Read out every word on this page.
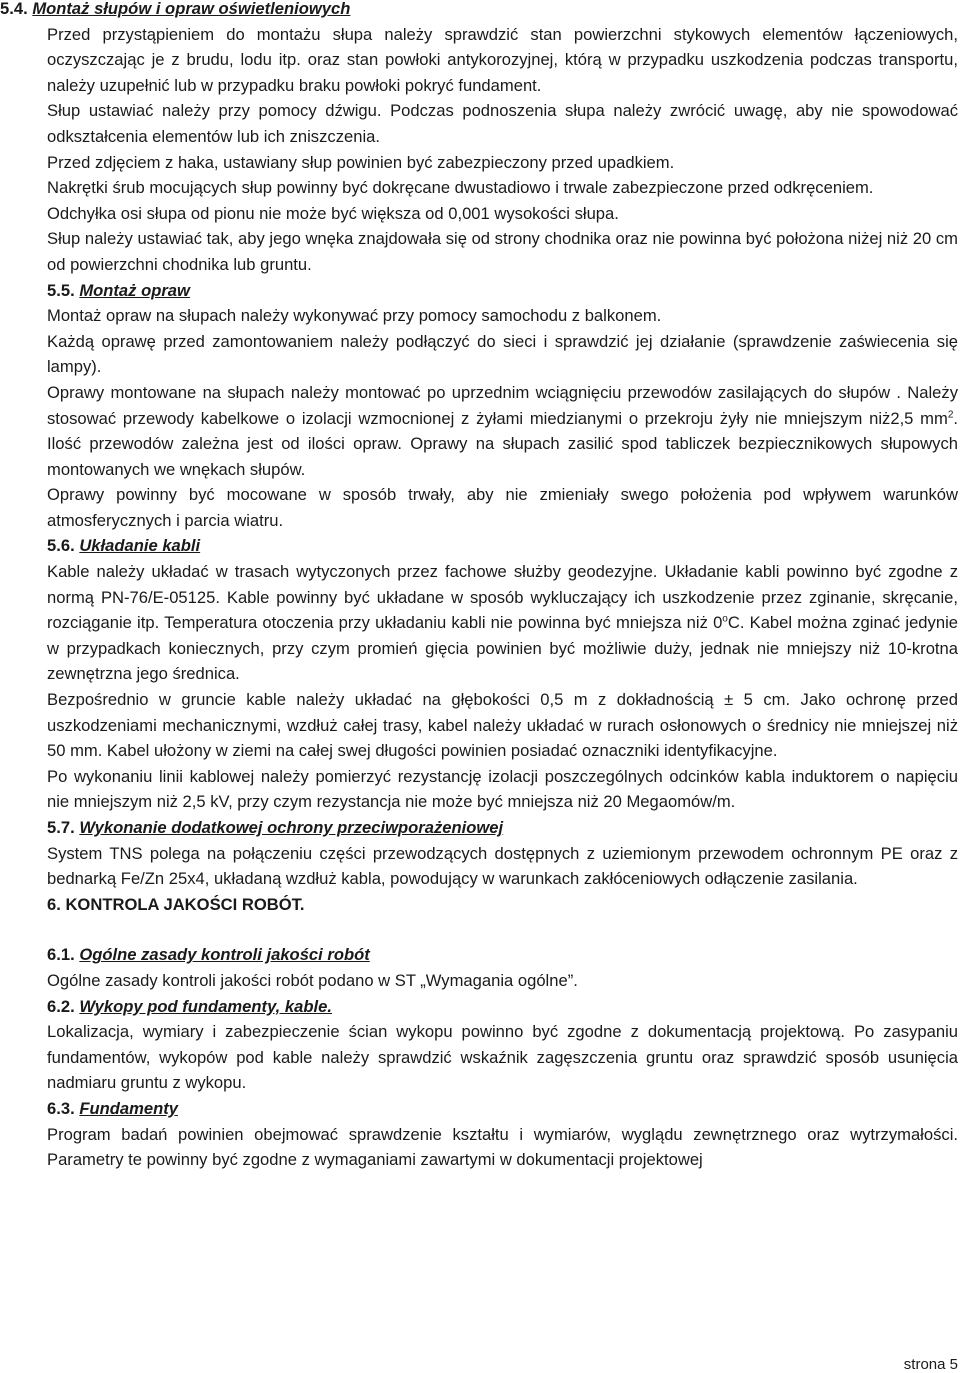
5.4. Montaż słupów i opraw oświetleniowych

Przed przystąpieniem do montażu słupa należy sprawdzić stan powierzchni stykowych elementów łączeniowych, oczyszczając je z brudu, lodu itp. oraz stan powłoki antykorozyjnej, którą w przypadku uszkodzenia podczas transportu, należy uzupełnić lub w przypadku braku powłoki pokryć fundament.

Słup ustawiać należy przy pomocy dźwigu. Podczas podnoszenia słupa należy zwrócić uwagę, aby nie spowodować odkształcenia elementów lub ich zniszczenia.

Przed zdjęciem z haka, ustawiany słup powinien być zabezpieczony przed upadkiem.

Nakrętki śrub mocujących słup powinny być dokręcane dwustadiowo i trwale zabezpieczone przed odkręceniem.

Odchyłka osi słupa od pionu nie może być większa od 0,001 wysokości słupa.

Słup należy ustawiać tak, aby jego wnęka znajdowała się od strony chodnika oraz nie powinna być położona niżej niż 20 cm od powierzchni chodnika lub gruntu.

5.5. Montaż opraw

Montaż opraw na słupach należy wykonywać przy pomocy samochodu z balkonem.

Każdą oprawę przed zamontowaniem należy podłączyć do sieci i sprawdzić jej działanie (sprawdzenie zaświecenia się lampy).

Oprawy montowane na słupach należy montować po uprzednim wciągnięciu przewodów zasilających do słupów . Należy stosować przewody kabelkowe o izolacji wzmocnionej z żyłami miedzianymi o przekroju żyły nie mniejszym niż2,5 $mm^2$. Ilość przewodów zależna jest od ilości opraw. Oprawy na słupach zasilić spod tabliczek bezpiecznikowych słupowych montowanych we wnękach słupów.

Oprawy powinny być mocowane w sposób trwały, aby nie zmieniały swego położenia pod wpływem warunków atmosferycznych i parcia wiatru.

5.6. Układanie kabli

Kable należy układać w trasach wytyczonych przez fachowe służby geodezyjne. Układanie kabli powinno być zgodne z normą PN-76/E-05125. Kable powinny być układane w sposób wykluczający ich uszkodzenie przez zginanie, skręcanie, rozciąganie itp. Temperatura otoczenia przy układaniu kabli nie powinna być mniejsza niż 0$^o$C. Kabel można zginać jedynie w przypadkach koniecznych, przy czym promień gięcia powinien być możliwie duży, jednak nie mniejszy niż 10-krotna zewnętrzna jego średnica.

Bezpośrednio w gruncie kable należy układać na głębokości 0,5 m z dokładnością ± 5 cm. Jako ochronę przed uszkodzeniami mechanicznymi, wzdłuż całej trasy, kabel należy układać w rurach osłonowych o średnicy nie mniejszej niż 50 mm. Kabel ułożony w ziemi na całej swej długości powinien posiadać oznaczniki identyfikacyjne.

Po wykonaniu linii kablowej należy pomierzyć rezystancję izolacji poszczególnych odcinków kabla induktorem o napięciu nie mniejszym niż 2,5 kV, przy czym rezystancja nie może być mniejsza niż 20 Megaomów/m.

5.7. Wykonanie dodatkowej ochrony przeciwporażeniowej

System TNS polega na połączeniu części przewodzących dostępnych z uziemionym przewodem ochronnym PE oraz z bednarką Fe/Zn 25x4, układaną wzdłuż kabla, powodujący w warunkach zakłóceniowych odłączenie zasilania.

6. KONTROLA JAKOŚCI ROBÓT.

6.1. Ogólne zasady kontroli jakości robót

Ogólne zasady kontroli jakości robót podano w ST „Wymagania ogólne”.

6.2. Wykopy pod fundamenty, kable.

Lokalizacja, wymiary i zabezpieczenie ścian wykopu powinno być zgodne z dokumentacją projektową. Po zasypaniu fundamentów, wykopów pod kable należy sprawdzić wskaźnik zagęszczenia gruntu oraz sprawdzić sposób usunięcia nadmiaru gruntu z wykopu.

6.3. Fundamenty

Program badań powinien obejmować sprawdzenie kształtu i wymiarów, wyglądu zewnętrznego oraz wytrzymałości. Parametry te powinny być zgodne z wymaganiami zawartymi w dokumentacji projektowej

strona 5
